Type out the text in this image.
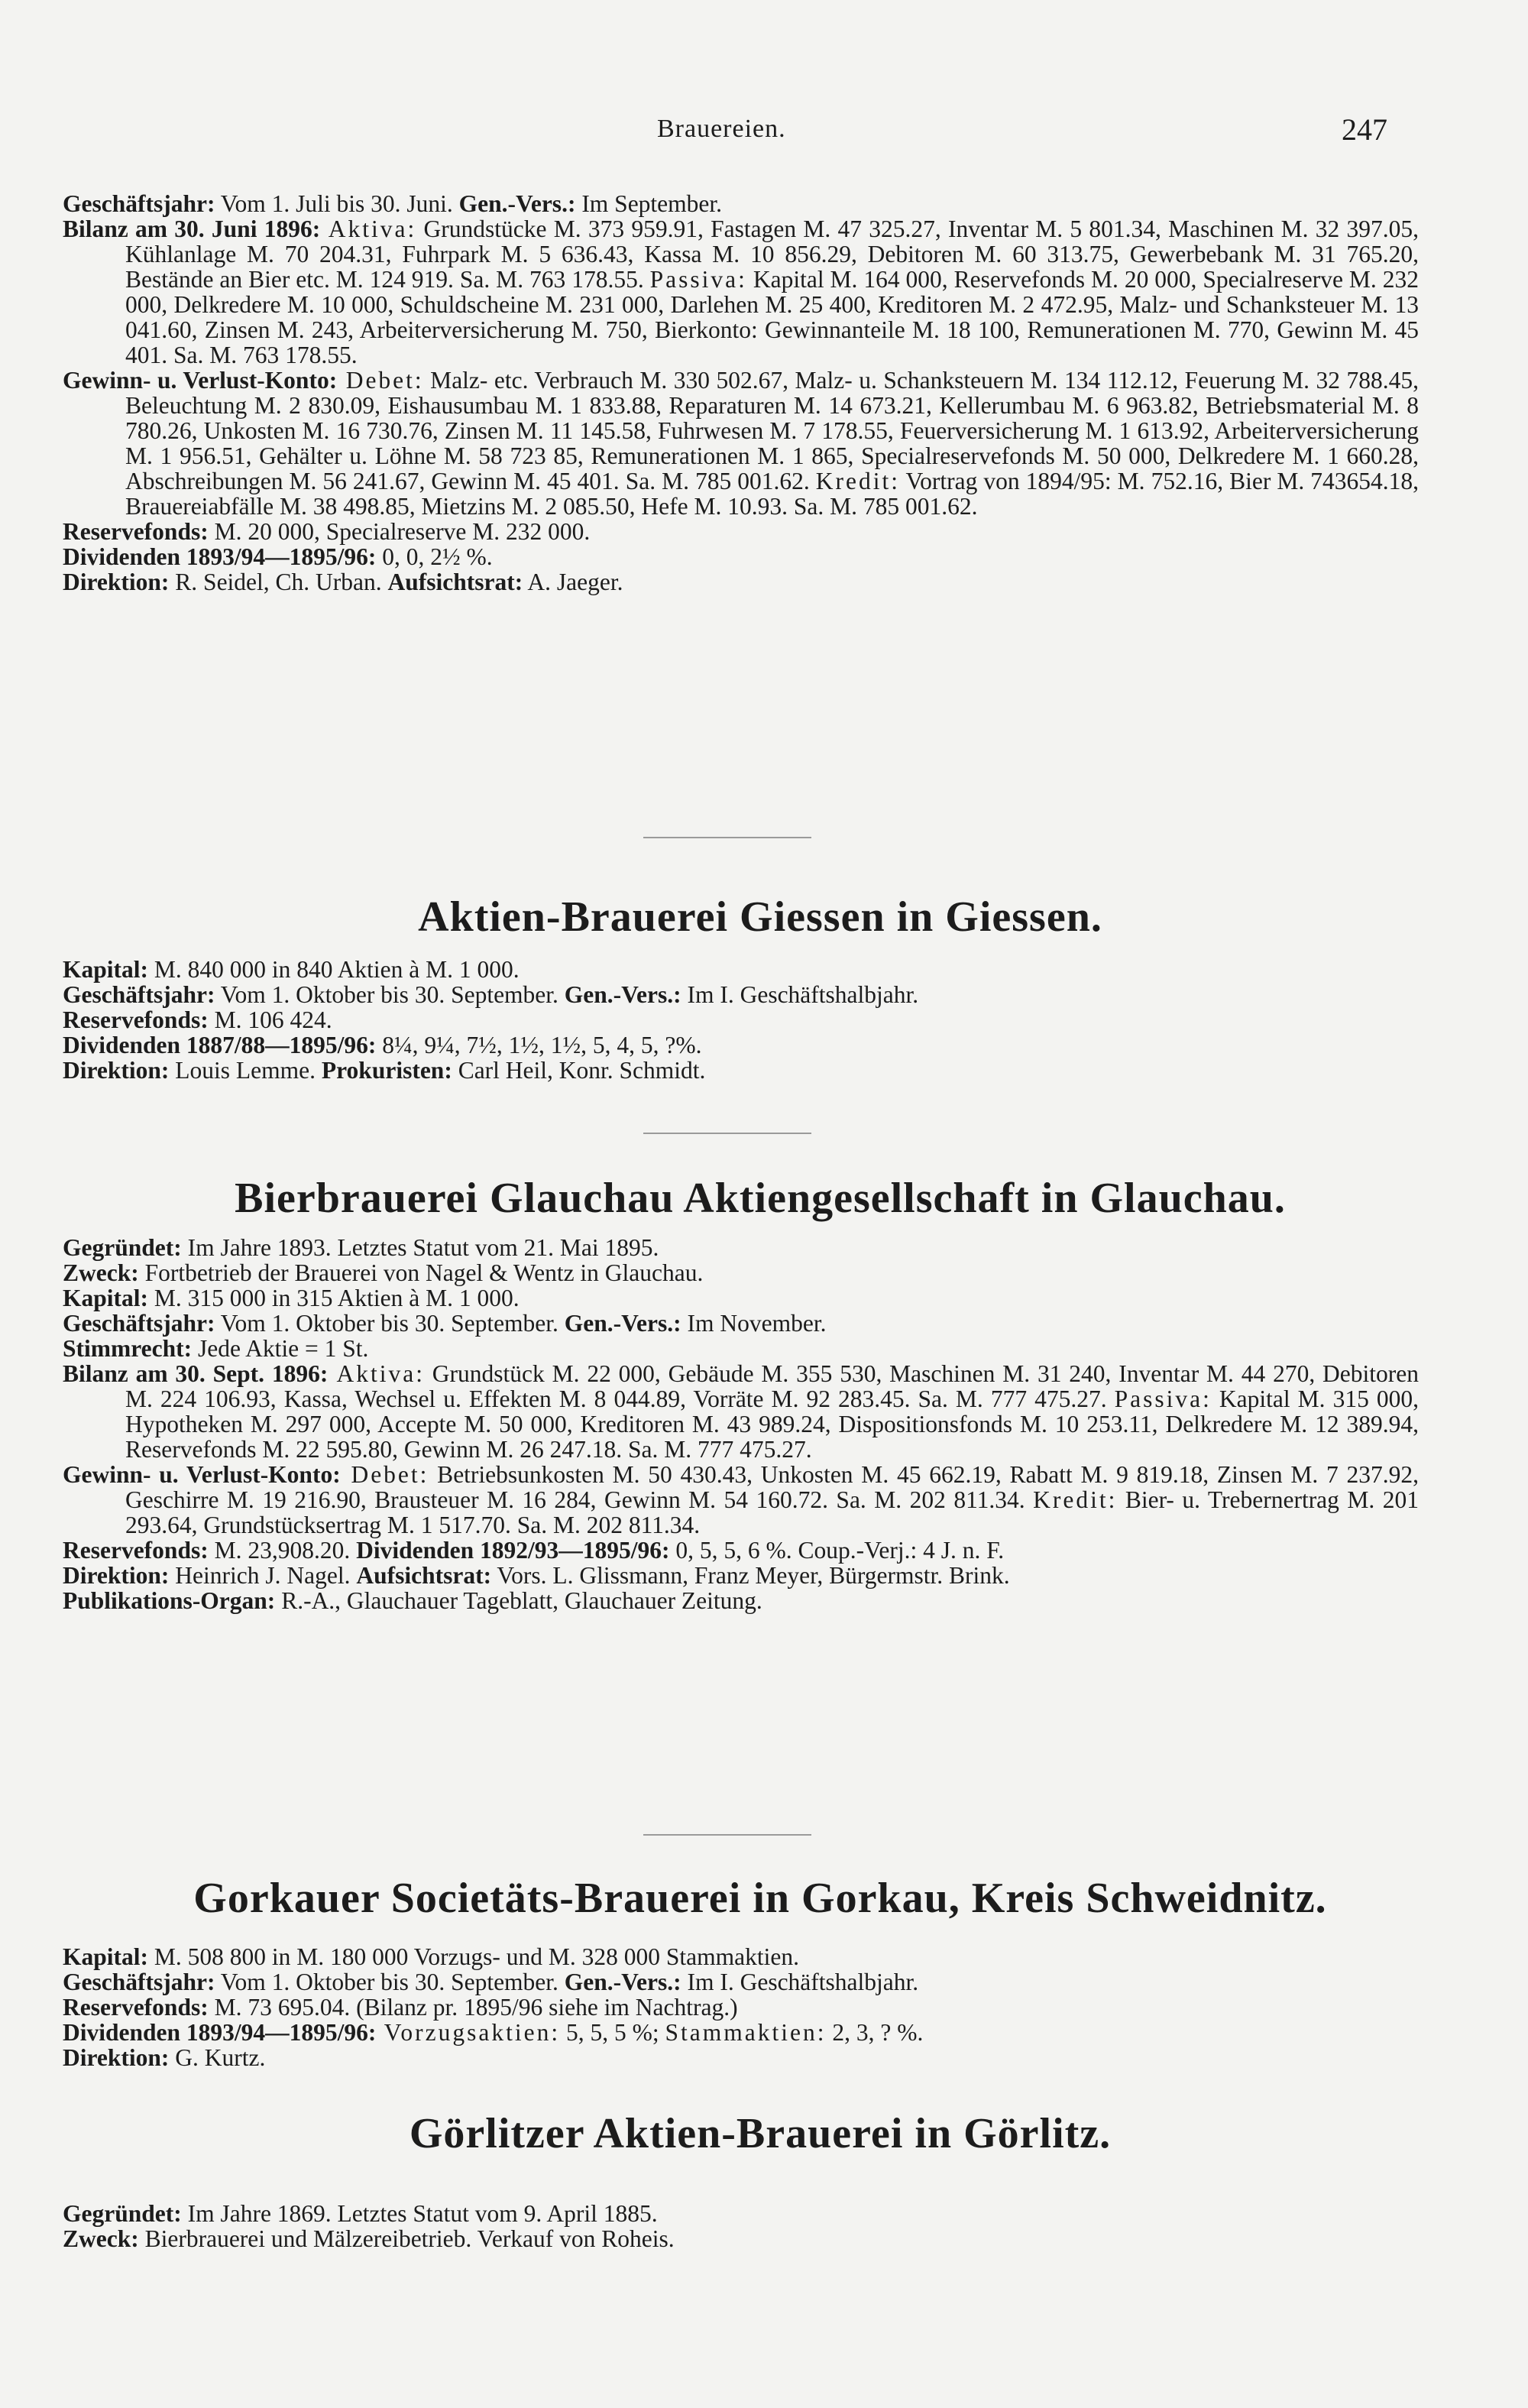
Brauereien.	247

Geschäftsjahr: Vom 1. Juli bis 30. Juni. Gen.-Vers.: Im September.

Bilanz am 30. Juni 1896: Aktiva: Grundstücke M. 373 959.91, Fastagen M. 47 325.27, Inventar M. 5 801.34, Maschinen M. 32 397.05, Kühlanlage M. 70 204.31, Fuhrpark M. 5 636.43, Kassa M. 10 856.29, Debitoren M. 60 313.75, Gewerbebank M. 31 765.20, Bestände an Bier etc. M. 124 919. Sa. M. 763 178.55. Passiva: Kapital M. 164 000, Reservefonds M. 20 000, Specialreserve M. 232 000, Delkredere M. 10 000, Schuldscheine M. 231 000, Darlehen M. 25 400, Kreditoren M. 2 472.95, Malz- und Schanksteuer M. 13 041.60, Zinsen M. 243, Arbeiterversicherung M. 750, Bierkonto: Gewinnanteile M. 18 100, Remunerationen M. 770, Gewinn M. 45 401. Sa. M. 763 178.55.

Gewinn- u. Verlust-Konto: Debet: Malz- etc. Verbrauch M. 330 502.67, Malz- u. Schanksteuern M. 134 112.12, Feuerung M. 32 788.45, Beleuchtung M. 2 830.09, Eishausumbau M. 1 833.88, Reparaturen M. 14 673.21, Kellerumbau M. 6 963.82, Betriebsmaterial M. 8 780.26, Unkosten M. 16 730.76, Zinsen M. 11 145.58, Fuhrwesen M. 7 178.55, Feuerversicherung M. 1 613.92, Arbeiterversicherung M. 1 956.51, Gehälter u. Löhne M. 58 723 85, Remunerationen M. 1 865, Specialreservefonds M. 50 000, Delkredere M. 1 660.28, Abschreibungen M. 56 241.67, Gewinn M. 45 401. Sa. M. 785 001.62. Kredit: Vortrag von 1894/95: M. 752.16, Bier M. 743654.18, Brauereiabfälle M. 38 498.85, Mietzins M. 2 085.50, Hefe M. 10.93. Sa. M. 785 001.62.

Reservefonds: M. 20 000, Specialreserve M. 232 000.

Dividenden 1893/94—1895/96: 0, 0, 2½ %.

Direktion: R. Seidel, Ch. Urban. Aufsichtsrat: A. Jaeger.

Aktien-Brauerei Giessen in Giessen.

Kapital: M. 840 000 in 840 Aktien à M. 1 000.

Geschäftsjahr: Vom 1. Oktober bis 30. September. Gen.-Vers.: Im I. Geschäftshalbjahr.

Reservefonds: M. 106 424.

Dividenden 1887/88—1895/96: 8¼, 9¼, 7½, 1½, 1½, 5, 4, 5, ?%.

Direktion: Louis Lemme. Prokuristen: Carl Heil, Konr. Schmidt.

Bierbrauerei Glauchau Aktiengesellschaft in Glauchau.

Gegründet: Im Jahre 1893. Letztes Statut vom 21. Mai 1895.

Zweck: Fortbetrieb der Brauerei von Nagel & Wentz in Glauchau.

Kapital: M. 315 000 in 315 Aktien à M. 1 000.

Geschäftsjahr: Vom 1. Oktober bis 30. September. Gen.-Vers.: Im November.

Stimmrecht: Jede Aktie = 1 St.

Bilanz am 30. Sept. 1896: Aktiva: Grundstück M. 22 000, Gebäude M. 355 530, Maschinen M. 31 240, Inventar M. 44 270, Debitoren M. 224 106.93, Kassa, Wechsel u. Effekten M. 8 044.89, Vorräte M. 92 283.45. Sa. M. 777 475.27. Passiva: Kapital M. 315 000, Hypotheken M. 297 000, Accepte M. 50 000, Kreditoren M. 43 989.24, Dispositionsfonds M. 10 253.11, Delkredere M. 12 389.94, Reservefonds M. 22 595.80, Gewinn M. 26 247.18. Sa. M. 777 475.27.

Gewinn- u. Verlust-Konto: Debet: Betriebsunkosten M. 50 430.43, Unkosten M. 45 662.19, Rabatt M. 9 819.18, Zinsen M. 7 237.92, Geschirre M. 19 216.90, Brausteuer M. 16 284, Gewinn M. 54 160.72. Sa. M. 202 811.34. Kredit: Bier- u. Trebernertrag M. 201 293.64, Grundstücksertrag M. 1 517.70. Sa. M. 202 811.34.

Reservefonds: M. 23,908.20. Dividenden 1892/93—1895/96: 0, 5, 5, 6 %. Coup.-Verj.: 4 J. n. F.

Direktion: Heinrich J. Nagel. Aufsichtsrat: Vors. L. Glissmann, Franz Meyer, Bürgermstr. Brink.

Publikations-Organ: R.-A., Glauchauer Tageblatt, Glauchauer Zeitung.

Gorkauer Societäts-Brauerei in Gorkau, Kreis Schweidnitz.

Kapital: M. 508 800 in M. 180 000 Vorzugs- und M. 328 000 Stammaktien.

Geschäftsjahr: Vom 1. Oktober bis 30. September. Gen.-Vers.: Im I. Geschäftshalbjahr.

Reservefonds: M. 73 695.04. (Bilanz pr. 1895/96 siehe im Nachtrag.)

Dividenden 1893/94—1895/96: Vorzugsaktien: 5, 5, 5 %; Stammaktien: 2, 3, ? %.

Direktion: G. Kurtz.

Görlitzer Aktien-Brauerei in Görlitz.

Gegründet: Im Jahre 1869. Letztes Statut vom 9. April 1885.

Zweck: Bierbrauerei und Mälzereibetrieb. Verkauf von Roheis.
